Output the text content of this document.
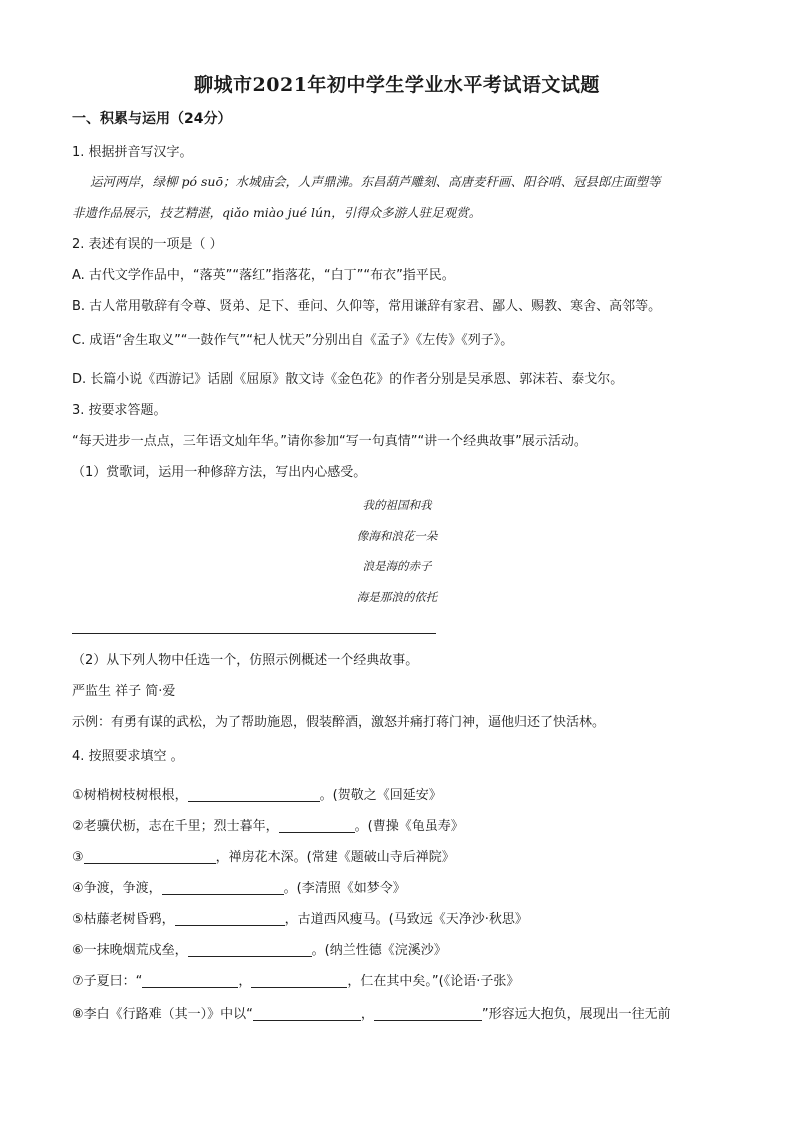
聊城市2021年初中学生学业水平考试语文试题
一、积累与运用（24分）
1. 根据拼音写汉字。
运河两岸，绿柳 pó suō；水城庙会，人声鼎沸。东昌葫芦雕刻、高唐麦秆画、阳谷哨、冠县郎庄面塑等
非遗作品展示，技艺精湛，qiǎo miào jué lún，引得众多游人驻足观赏。
2. 表述有误的一项是（ ）
A. 古代文学作品中，“落英”“落红”指落花，“白丁”“布衣”指平民。
B. 古人常用敬辞有令尊、贤弟、足下、垂问、久仰等，常用谦辞有家君、鄙人、赐教、寒舍、高邻等。
C. 成语“舍生取义”“一鼓作气”“杞人忧天”分别出自《孟子》《左传》《列子》。
D. 长篇小说《西游记》话剧《屈原》散文诗《金色花》的作者分别是吴承恩、郭沫若、泰戈尔。
3. 按要求答题。
“每天进步一点点，三年语文灿年华。”请你参加“写一句真情”“讲一个经典故事”展示活动。
（1）赏歌词，运用一种修辞方法，写出内心感受。
我的祖国和我
像海和浪花一朵
浪是海的赤子
海是那浪的依托
（2）从下列人物中任选一个，仿照示例概述一个经典故事。
严监生 祥子 简·爱
示例：有勇有谋的武松，为了帮助施恩，假装醉酒，激怒并痛打蒋门神，逼他归还了快活林。
4. 按照要求填空 。
①树梢树枝树根根，	。(贺敬之《回延安》
②老骥伏枥，志在千里；烈士暮年，	。(曹操《龟虽寿》
③	，禅房花木深。(常建《题破山寺后禅院》
④争渡，争渡，	。(李清照《如梦令》
⑤枯藤老树昏鸦，	，古道西风瘦马。(马致远《天净沙·秋思》
⑥一抹晚烟荒戍垒，	。(纳兰性德《浣溪沙》
⑦子夏曰：“	，	，仁在其中矣。”(《论语·子张》
⑧李白《行路难（其一）》中以“	，	”形容远大抱负，展现出一往无前
